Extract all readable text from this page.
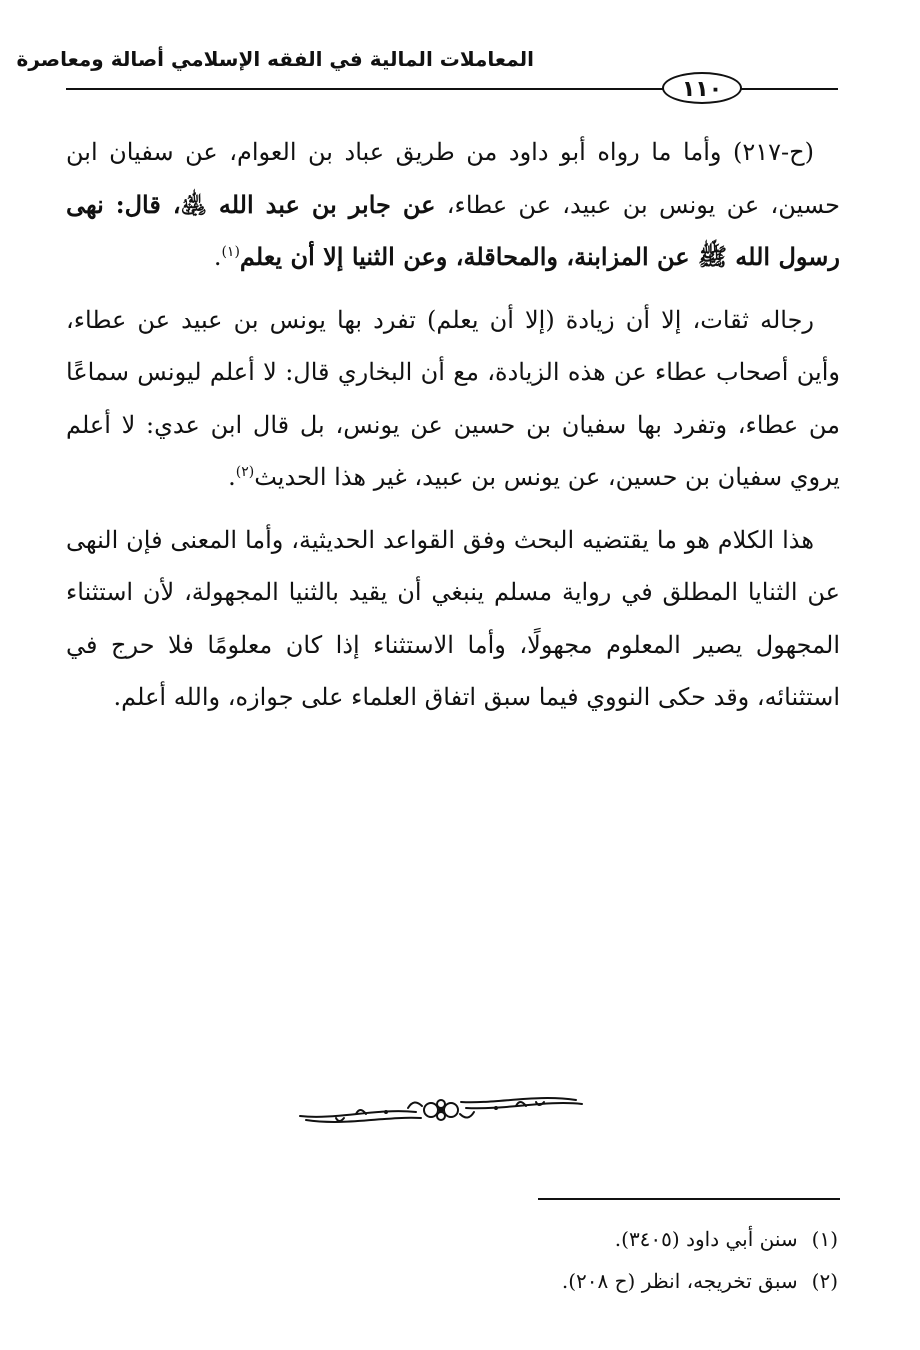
المعاملات المالية في الفقه الإسلامي أصالة ومعاصرة
١١٠

(ح-٢١٧) وأما ما رواه أبو داود من طريق عباد بن العوام، عن سفيان ابن حسين، عن يونس بن عبيد، عن عطاء، عن جابر بن عبد الله ﵁، قال: نهى رسول الله ﷺ عن المزابنة، والمحاقلة، وعن الثنيا إلا أن يعلم$^{(١)}$.

رجاله ثقات، إلا أن زيادة (إلا أن يعلم) تفرد بها يونس بن عبيد عن عطاء، وأين أصحاب عطاء عن هذه الزيادة، مع أن البخاري قال: لا أعلم ليونس سماعًا من عطاء، وتفرد بها سفيان بن حسين عن يونس، بل قال ابن عدي: لا أعلم يروي سفيان بن حسين، عن يونس بن عبيد، غير هذا الحديث$^{(٢)}$.

هذا الكلام هو ما يقتضيه البحث وفق القواعد الحديثية، وأما المعنى فإن النهى عن الثنايا المطلق في رواية مسلم ينبغي أن يقيد بالثنيا المجهولة، لأن استثناء المجهول يصير المعلوم مجهولًا، وأما الاستثناء إذا كان معلومًا فلا حرج في استثنائه، وقد حكى النووي فيما سبق اتفاق العلماء على جوازه، والله أعلم.

(١)سنن أبي داود (٣٤٠٥).
(٢)سبق تخريجه، انظر (ح ٢٠٨).
